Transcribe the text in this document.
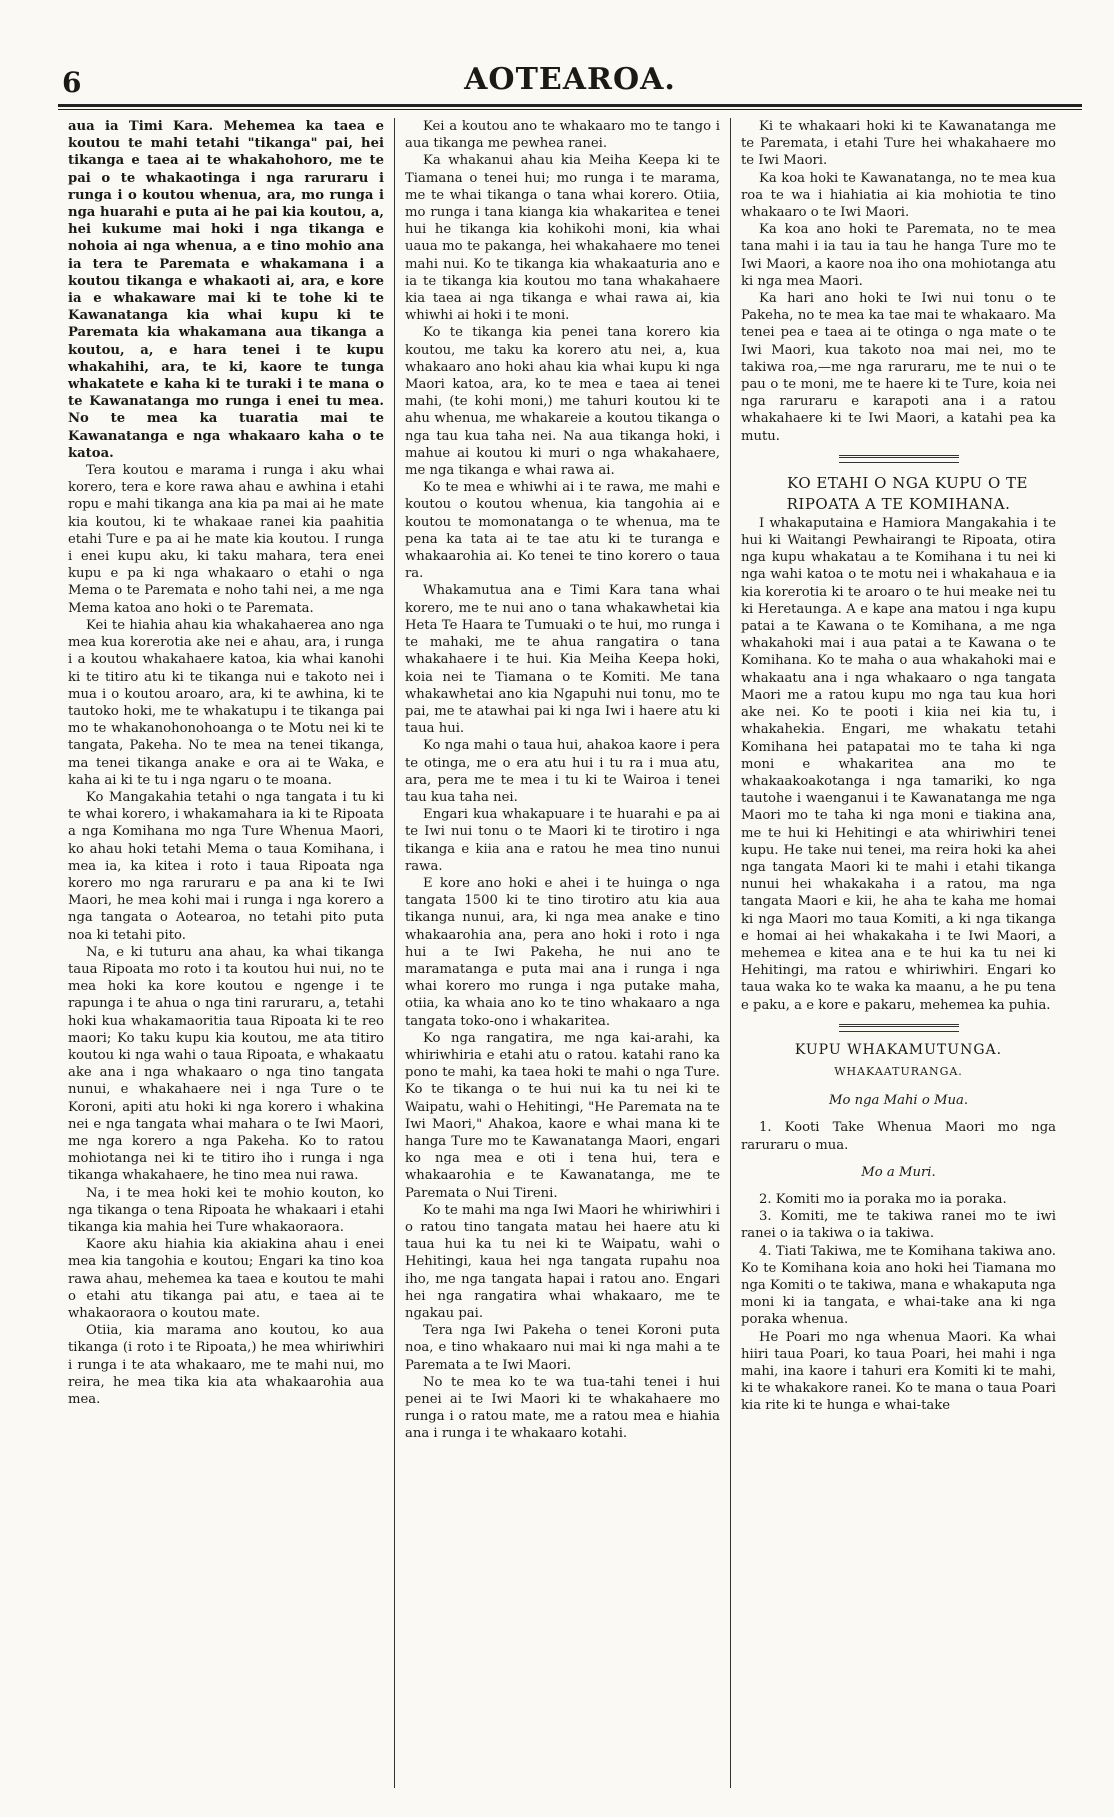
6	AOTEAROA.

aua ia Timi Kara. Mehemea ka taea e koutou te mahi tetahi "tikanga" pai, hei tikanga e taea ai te whakahohoro, me te pai o te whakaotinga i nga raruraru i runga i o koutou whenua, ara, mo runga i nga huarahi e puta ai he pai kia koutou, a, hei kukume mai hoki i nga tikanga e nohoia ai nga whenua, a e tino mohio ana ia tera te Paremata e whakamana i a koutou tikanga e whakaoti ai, ara, e kore ia e whakaware mai ki te tohe ki te Kawanatanga kia whai kupu ki te Paremata kia whakamana aua tikanga a koutou, a, e hara tenei i te kupu whakahihi, ara, te ki, kaore te tunga whakatete e kaha ki te turaki i te mana o te Kawanatanga mo runga i enei tu mea. No te mea ka tuaratia mai te Kawanatanga e nga whakaaro kaha o te katoa.

Tera koutou e marama i runga i aku whai korero, tera e kore rawa ahau e awhina i etahi ropu e mahi tikanga ana kia pa mai ai he mate kia koutou, ki te whakaae ranei kia paahitia etahi Ture e pa ai he mate kia koutou. I runga i enei kupu aku, ki taku mahara, tera enei kupu e pa ki nga whakaaro o etahi o nga Mema o te Paremata e noho tahi nei, a me nga Mema katoa ano hoki o te Paremata.

Kei te hiahia ahau kia whakahaerea ano nga mea kua korerotia ake nei e ahau, ara, i runga i a koutou whakahaere katoa, kia whai kanohi ki te titiro atu ki te tikanga nui e takoto nei i mua i o koutou aroaro, ara, ki te awhina, ki te tautoko hoki, me te whakatupu i te tikanga pai mo te whakanohonohoanga o te Motu nei ki te tangata, Pakeha. No te mea na tenei tikanga, ma tenei tikanga anake e ora ai te Waka, e kaha ai ki te tu i nga ngaru o te moana.

Ko Mangakahia tetahi o nga tangata i tu ki te whai korero, i whakamahara ia ki te Ripoata a nga Komihana mo nga Ture Whenua Maori, ko ahau hoki tetahi Mema o taua Komihana, i mea ia, ka kitea i roto i taua Ripoata nga korero mo nga raruraru e pa ana ki te Iwi Maori, he mea kohi mai i runga i nga korero a nga tangata o Aotearoa, no tetahi pito puta noa ki tetahi pito.

Na, e ki tuturu ana ahau, ka whai tikanga taua Ripoata mo roto i ta koutou hui nui, no te mea hoki ka kore koutou e ngenge i te rapunga i te ahua o nga tini raruraru, a, tetahi hoki kua whakamaoritia taua Ripoata ki te reo maori; Ko taku kupu kia koutou, me ata titiro koutou ki nga wahi o taua Ripoata, e whakaatu ake ana i nga whakaaro o nga tino tangata nunui, e whakahaere nei i nga Ture o te Koroni, apiti atu hoki ki nga korero i whakina nei e nga tangata whai mahara o te Iwi Maori, me nga korero a nga Pakeha. Ko to ratou mohiotanga nei ki te titiro iho i runga i nga tikanga whakahaere, he tino mea nui rawa.

Na, i te mea hoki kei te mohio kouton, ko nga tikanga o tena Ripoata he whakaari i etahi tikanga kia mahia hei Ture whakaoraora.

Kaore aku hiahia kia akiakina ahau i enei mea kia tangohia e koutou; Engari ka tino koa rawa ahau, mehemea ka taea e koutou te mahi o etahi atu tikanga pai atu, e taea ai te whakaoraora o koutou mate.

Otiia, kia marama ano koutou, ko aua tikanga (i roto i te Ripoata,) he mea whiriwhiri i runga i te ata whakaaro, me te mahi nui, mo reira, he mea tika kia ata whakaarohia aua mea.

Kei a koutou ano te whakaaro mo te tango i aua tikanga me pewhea ranei.

Ka whakanui ahau kia Meiha Keepa ki te Tiamana o tenei hui; mo runga i te marama, me te whai tikanga o tana whai korero. Otiia, mo runga i tana kianga kia whakaritea e tenei hui he tikanga kia kohikohi moni, kia whai uaua mo te pakanga, hei whakahaere mo tenei mahi nui. Ko te tikanga kia whakaaturia ano e ia te tikanga kia koutou mo tana whakahaere kia taea ai nga tikanga e whai rawa ai, kia whiwhi ai hoki i te moni.

Ko te tikanga kia penei tana korero kia koutou, me taku ka korero atu nei, a, kua whakaaro ano hoki ahau kia whai kupu ki nga Maori katoa, ara, ko te mea e taea ai tenei mahi, (te kohi moni,) me tahuri koutou ki te ahu whenua, me whakareie a koutou tikanga o nga tau kua taha nei. Na aua tikanga hoki, i mahue ai koutou ki muri o nga whakahaere, me nga tikanga e whai rawa ai.

Ko te mea e whiwhi ai i te rawa, me mahi e koutou o koutou whenua, kia tangohia ai e koutou te momonatanga o te whenua, ma te pena ka tata ai te tae atu ki te turanga e whakaarohia ai. Ko tenei te tino korero o taua ra.

Whakamutua ana e Timi Kara tana whai korero, me te nui ano o tana whakawhetai kia Heta Te Haara te Tumuaki o te hui, mo runga i te mahaki, me te ahua rangatira o tana whakahaere i te hui. Kia Meiha Keepa hoki, koia nei te Tiamana o te Komiti. Me tana whakawhetai ano kia Ngapuhi nui tonu, mo te pai, me te atawhai pai ki nga Iwi i haere atu ki taua hui.

Ko nga mahi o taua hui, ahakoa kaore i pera te otinga, me o era atu hui i tu ra i mua atu, ara, pera me te mea i tu ki te Wairoa i tenei tau kua taha nei.

Engari kua whakapuare i te huarahi e pa ai te Iwi nui tonu o te Maori ki te tirotiro i nga tikanga e kiia ana e ratou he mea tino nunui rawa.

E kore ano hoki e ahei i te huinga o nga tangata 1500 ki te tino tirotiro atu kia aua tikanga nunui, ara, ki nga mea anake e tino whakaarohia ana, pera ano hoki i roto i nga hui a te Iwi Pakeha, he nui ano te maramatanga e puta mai ana i runga i nga whai korero mo runga i nga putake maha, otiia, ka whaia ano ko te tino whakaaro a nga tangata toko-ono i whakaritea.

Ko nga rangatira, me nga kai-arahi, ka whiriwhiria e etahi atu o ratou. katahi rano ka pono te mahi, ka taea hoki te mahi o nga Ture. Ko te tikanga o te hui nui ka tu nei ki te Waipatu, wahi o Hehitingi, "He Paremata na te Iwi Maori," Ahakoa, kaore e whai mana ki te hanga Ture mo te Kawanatanga Maori, engari ko nga mea e oti i tena hui, tera e whakaarohia e te Kawanatanga, me te Paremata o Nui Tireni.

Ko te mahi ma nga Iwi Maori he whiriwhiri i o ratou tino tangata matau hei haere atu ki taua hui ka tu nei ki te Waipatu, wahi o Hehitingi, kaua hei nga tangata rupahu noa iho, me nga tangata hapai i ratou ano. Engari hei nga rangatira whai whakaaro, me te ngakau pai.

Tera nga Iwi Pakeha o tenei Koroni puta noa, e tino whakaaro nui mai ki nga mahi a te Paremata a te Iwi Maori.

No te mea ko te wa tua-tahi tenei i hui penei ai te Iwi Maori ki te whakahaere mo runga i o ratou mate, me a ratou mea e hiahia ana i runga i te whakaaro kotahi.

Ki te whakaari hoki ki te Kawanatanga me te Paremata, i etahi Ture hei whakahaere mo te Iwi Maori.

Ka koa hoki te Kawanatanga, no te mea kua roa te wa i hiahiatia ai kia mohiotia te tino whakaaro o te Iwi Maori.

Ka koa ano hoki te Paremata, no te mea tana mahi i ia tau ia tau he hanga Ture mo te Iwi Maori, a kaore noa iho ona mohiotanga atu ki nga mea Maori.

Ka hari ano hoki te Iwi nui tonu o te Pakeha, no te mea ka tae mai te whakaaro. Ma tenei pea e taea ai te otinga o nga mate o te Iwi Maori, kua takoto noa mai nei, mo te takiwa roa,—me nga raruraru, me te nui o te pau o te moni, me te haere ki te Ture, koia nei nga raruraru e karapoti ana i a ratou whakahaere ki te Iwi Maori, a katahi pea ka mutu.

KO ETAHI O NGA KUPU O TE RIPOATA A TE KOMIHANA.

I whakaputaina e Hamiora Mangakahia i te hui ki Waitangi Pewhairangi te Ripoata, otira nga kupu whakatau a te Komihana i tu nei ki nga wahi katoa o te motu nei i whakahaua e ia kia korerotia ki te aroaro o te hui meake nei tu ki Heretaunga. A e kape ana matou i nga kupu patai a te Kawana o te Komihana, a me nga whakahoki mai i aua patai a te Kawana o te Komihana. Ko te maha o aua whakahoki mai e whakaatu ana i nga whakaaro o nga tangata Maori me a ratou kupu mo nga tau kua hori ake nei. Ko te pooti i kiia nei kia tu, i whakahekia. Engari, me whakatu tetahi Komihana hei patapatai mo te taha ki nga moni e whakaritea ana mo te whakaakoakotanga i nga tamariki, ko nga tautohe i waenganui i te Kawanatanga me nga Maori mo te taha ki nga moni e tiakina ana, me te hui ki Hehitingi e ata whiriwhiri tenei kupu. He take nui tenei, ma reira hoki ka ahei nga tangata Maori ki te mahi i etahi tikanga nunui hei whakakaha i a ratou, ma nga tangata Maori e kii, he aha te kaha me homai ki nga Maori mo taua Komiti, a ki nga tikanga e homai ai hei whakakaha i te Iwi Maori, a mehemea e kitea ana e te hui ka tu nei ki Hehitingi, ma ratou e whiriwhiri. Engari ko taua waka ko te waka ka maanu, a he pu tena e paku, a e kore e pakaru, mehemea ka puhia.

KUPU WHAKAMUTUNGA.
WHAKAATURANGA.
Mo nga Mahi o Mua.

1. Kooti Take Whenua Maori mo nga raruraru o mua.

Mo a Muri.

2. Komiti mo ia poraka mo ia poraka.

3. Komiti, me te takiwa ranei mo te iwi ranei o ia takiwa o ia takiwa.

4. Tiati Takiwa, me te Komihana takiwa ano. Ko te Komihana koia ano hoki hei Tiamana mo nga Komiti o te takiwa, mana e whakaputa nga moni ki ia tangata, e whai-take ana ki nga poraka whenua.

He Poari mo nga whenua Maori. Ka whai hiiri taua Poari, ko taua Poari, hei mahi i nga mahi, ina kaore i tahuri era Komiti ki te mahi, ki te whakakore ranei. Ko te mana o taua Poari kia rite ki te hunga e whai-take
